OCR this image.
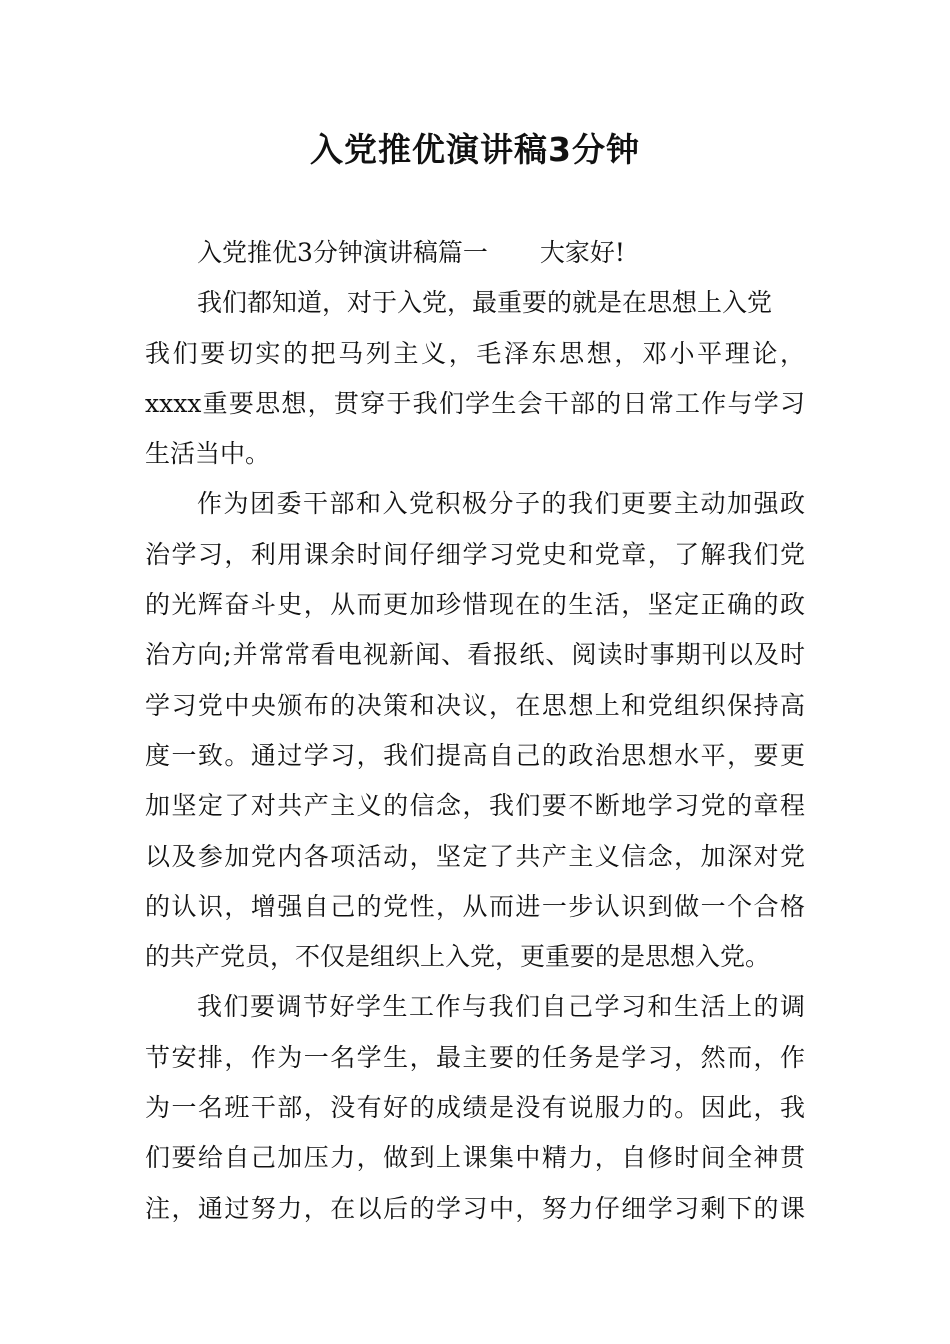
入党推优演讲稿3分钟
入党推优3分钟演讲稿篇一 大家好!
我们都知道，对于入党，最重要的就是在思想上入党
我们要切实的把马列主义，毛泽东思想，邓小平理论，
xxxx重要思想，贯穿于我们学生会干部的日常工作与学习
生活当中。
作为团委干部和入党积极分子的我们更要主动加强政
治学习，利用课余时间仔细学习党史和党章，了解我们党
的光辉奋斗史，从而更加珍惜现在的生活，坚定正确的政
治方向;并常常看电视新闻、看报纸、阅读时事期刊以及时
学习党中央颁布的决策和决议，在思想上和党组织保持高
度一致。通过学习，我们提高自己的政治思想水平，要更
加坚定了对共产主义的信念，我们要不断地学习党的章程
以及参加党内各项活动，坚定了共产主义信念，加深对党
的认识，增强自己的党性，从而进一步认识到做一个合格
的共产党员，不仅是组织上入党，更重要的是思想入党。
我们要调节好学生工作与我们自己学习和生活上的调
节安排，作为一名学生，最主要的任务是学习，然而，作
为一名班干部，没有好的成绩是没有说服力的。因此，我
们要给自己加压力，做到上课集中精力，自修时间全神贯
注，通过努力，在以后的学习中，努力仔细学习剩下的课
